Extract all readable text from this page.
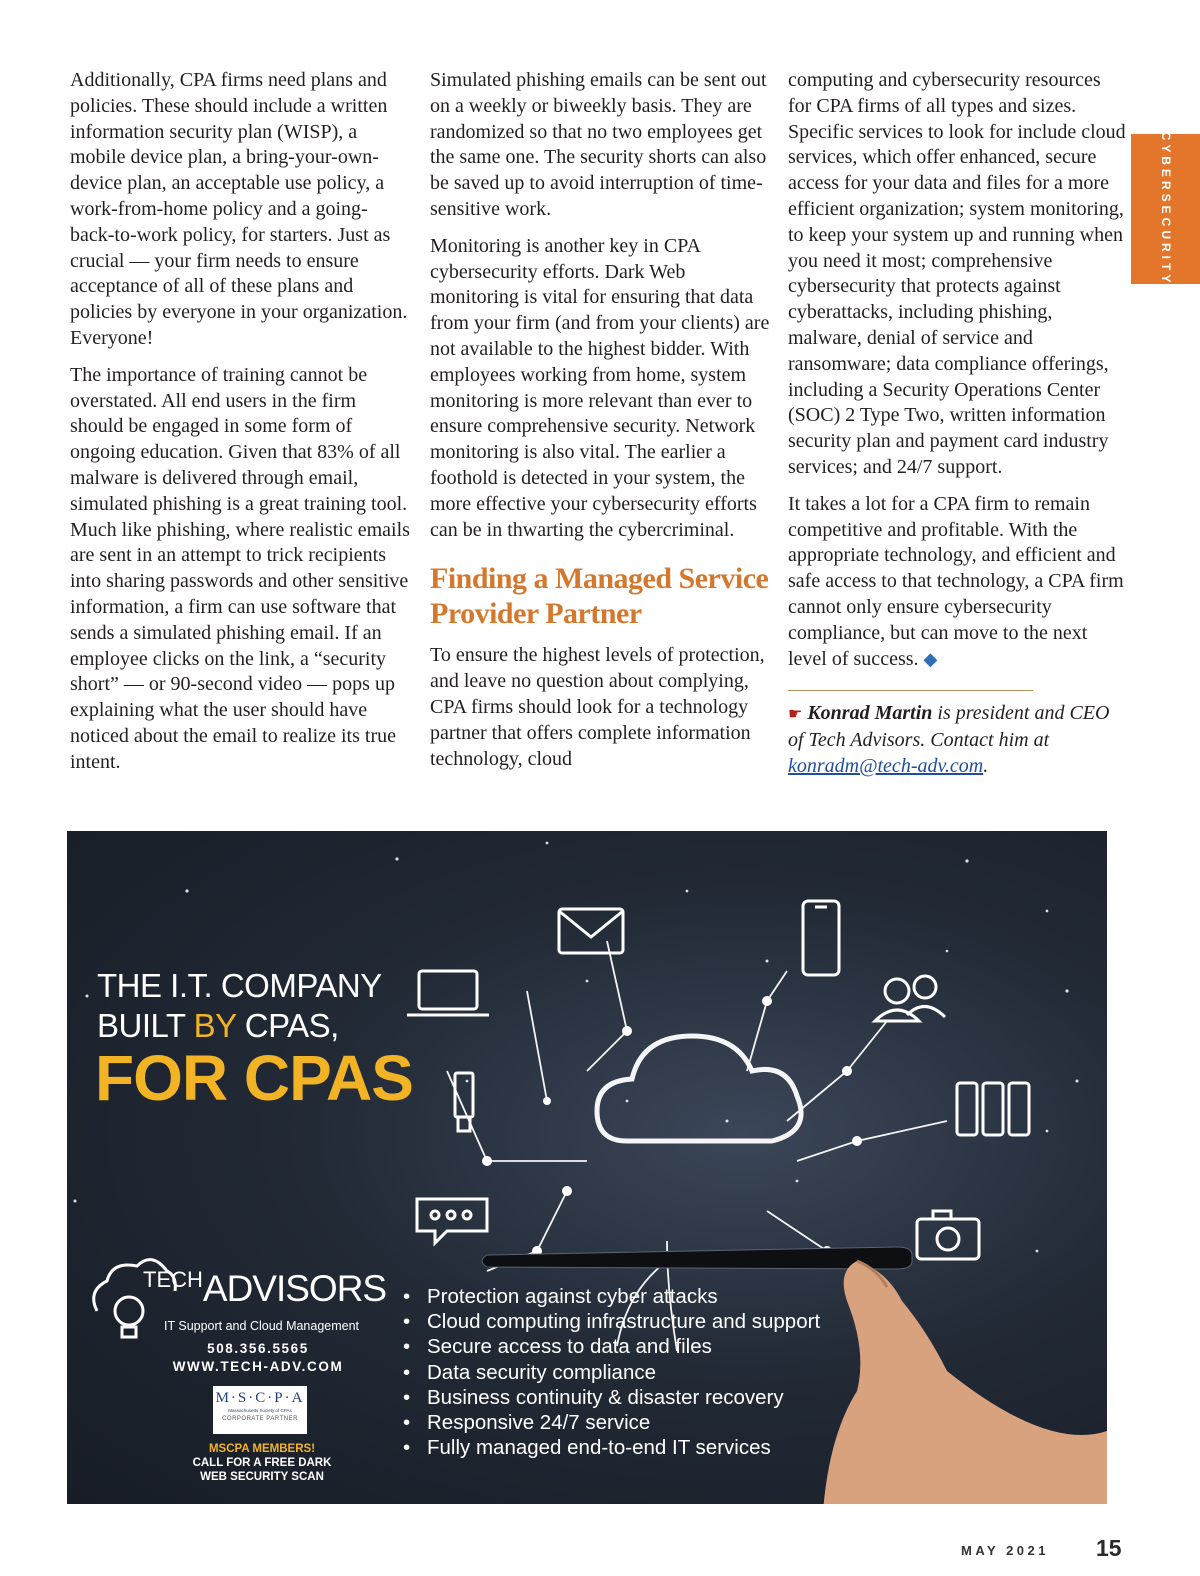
Additionally, CPA firms need plans and policies. These should include a written information security plan (WISP), a mobile device plan, a bring-your-own-device plan, an acceptable use policy, a work-from-home policy and a going-back-to-work policy, for starters. Just as crucial — your firm needs to ensure acceptance of all of these plans and policies by everyone in your organization. Everyone!

The importance of training cannot be overstated. All end users in the firm should be engaged in some form of ongoing education. Given that 83% of all malware is delivered through email, simulated phishing is a great training tool. Much like phishing, where realistic emails are sent in an attempt to trick recipients into sharing passwords and other sensitive information, a firm can use software that sends a simulated phishing email. If an employee clicks on the link, a “security short” — or 90-second video — pops up explaining what the user should have noticed about the email to realize its true intent.

Simulated phishing emails can be sent out on a weekly or biweekly basis. They are randomized so that no two employees get the same one. The security shorts can also be saved up to avoid interruption of time-sensitive work.

Monitoring is another key in CPA cybersecurity efforts. Dark Web monitoring is vital for ensuring that data from your firm (and from your clients) are not available to the highest bidder. With employees working from home, system monitoring is more relevant than ever to ensure comprehensive security. Network monitoring is also vital. The earlier a foothold is detected in your system, the more effective your cybersecurity efforts can be in thwarting the cybercriminal.

Finding a Managed Service Provider Partner

To ensure the highest levels of protection, and leave no question about complying, CPA firms should look for a technology partner that offers complete information technology, cloud

computing and cybersecurity resources for CPA firms of all types and sizes. Specific services to look for include cloud services, which offer enhanced, secure access for your data and files for a more efficient organization; system monitoring, to keep your system up and running when you need it most; comprehensive cybersecurity that protects against cyberattacks, including phishing, malware, denial of service and ransomware; data compliance offerings, including a Security Operations Center (SOC) 2 Type Two, written information security plan and payment card industry services; and 24/7 support.

It takes a lot for a CPA firm to remain competitive and profitable. With the appropriate technology, and efficient and safe access to that technology, a CPA firm cannot only ensure cybersecurity compliance, but can move to the next level of success. ◆

☛ Konrad Martin is president and CEO of Tech Advisors. Contact him at konradm@tech-adv.com.

CYBERSECURITY
THE I.T. COMPANY
BUILT BY CPAS,
FOR CPAS
• Protection against cyber attacks
• Cloud computing infrastructure and support
• Secure access to data and files
• Data security compliance
• Business continuity & disaster recovery
• Responsive 24/7 service
• Fully managed end-to-end IT services
TECHADVISORS
IT Support and Cloud Management
508.356.5565
WWW.TECH-ADV.COM
M·S·C·P·A
Massachusetts Society of CPAs
CORPORATE PARTNER
MSCPA MEMBERS!
CALL FOR A FREE DARK
WEB SECURITY SCAN
MAY 2021 15
